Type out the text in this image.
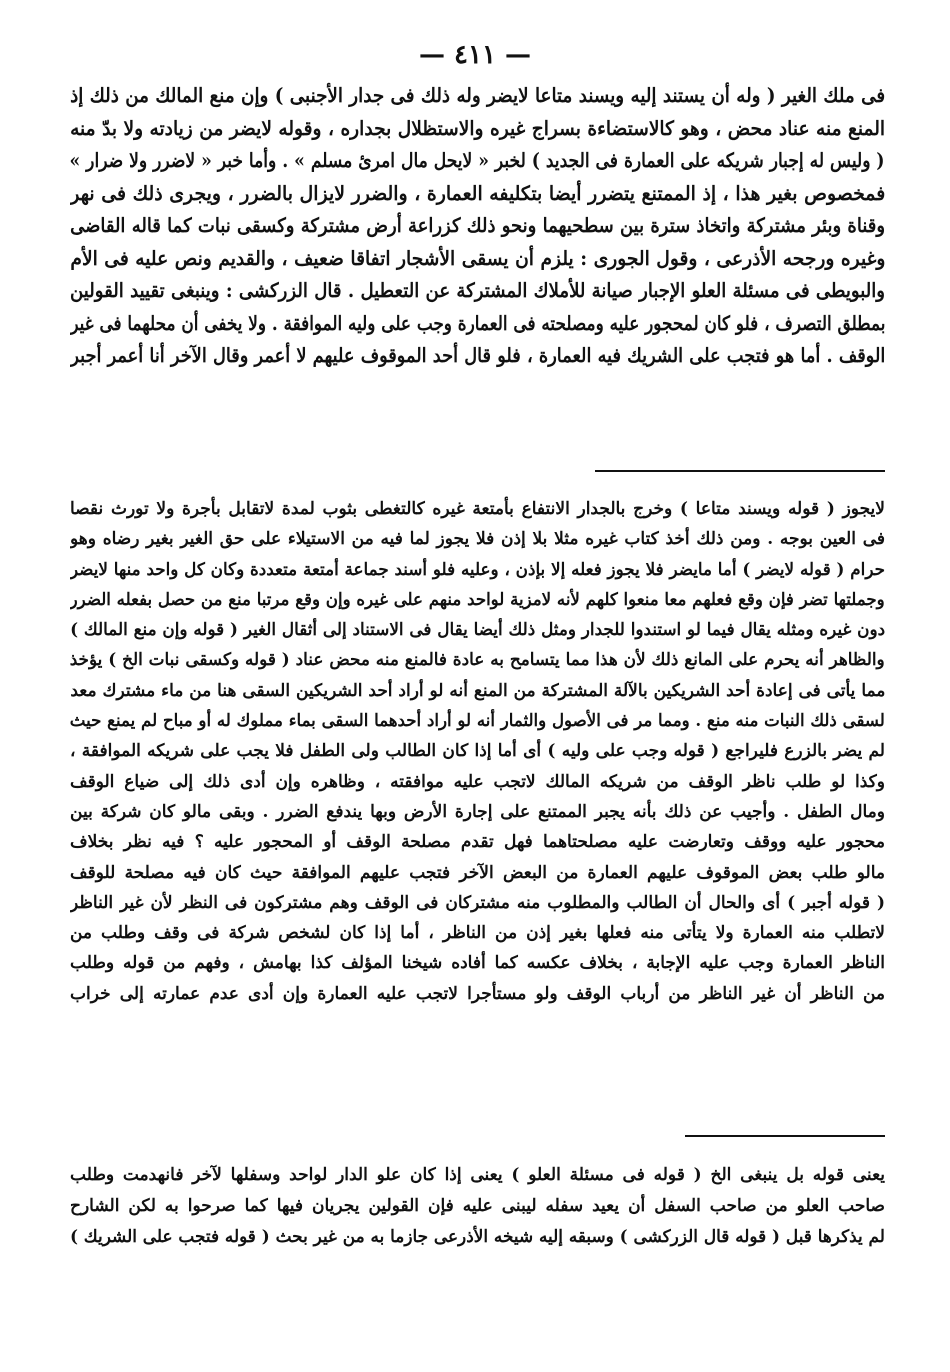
— ٤١١ —
فى ملك الغير ( وله أن يستند إليه ويسند متاعا لايضر وله ذلك فى جدار الأجنبى ) وإن منع المالك من ذلك إذ
المنع منه عناد محض ، وهو كالاستضاءة بسراج غيره والاستظلال بجداره ، وقوله لايضر من زيادته ولا بدّ منه
( وليس له إجبار شريكه على العمارة فى الجديد ) لخبر « لايحل مال امرئ مسلم » . وأما خبر « لاضرر ولا ضرار »
فمخصوص بغير هذا ، إذ الممتنع يتضرر أيضا بتكليفه العمارة ، والضرر لايزال بالضرر ، ويجرى ذلك فى نهر
وقناة وبئر مشتركة واتخاذ سترة بين سطحيهما ونحو ذلك كزراعة أرض مشتركة وكسقى نبات كما قاله القاضى
وغيره ورجحه الأذرعى ، وقول الجورى : يلزم أن يسقى الأشجار اتفاقا ضعيف ، والقديم ونص عليه فى الأم
والبويطى فى مسئلة العلو الإجبار صيانة للأملاك المشتركة عن التعطيل . قال الزركشى : وينبغى تقييد القولين
بمطلق التصرف ، فلو كان لمحجور عليه ومصلحته فى العمارة وجب على وليه الموافقة . ولا يخفى أن محلهما فى غير
الوقف . أما هو فتجب على الشريك فيه العمارة ، فلو قال أحد الموقوف عليهم لا أعمر وقال الآخر أنا أعمر أجبر
لايجوز ( قوله ويسند متاعا ) وخرج بالجدار الانتفاع بأمتعة غيره كالتغطى بثوب لمدة لاتقابل بأجرة ولا تورث نقصا
فى العين بوجه . ومن ذلك أخذ كتاب غيره مثلا بلا إذن فلا يجوز لما فيه من الاستيلاء على حق الغير بغير رضاه وهو
حرام ( قوله لايضر ) أما مايضر فلا يجوز فعله إلا بإذن ، وعليه فلو أسند جماعة أمتعة متعددة وكان كل واحد منها لايضر
وجملتها تضر فإن وقع فعلهم معا منعوا كلهم لأنه لامزية لواحد منهم على غيره وإن وقع مرتبا منع من حصل بفعله الضرر
دون غيره ومثله يقال فيما لو استندوا للجدار ومثل ذلك أيضا يقال فى الاستناد إلى أثقال الغير ( قوله وإن منع المالك )
والظاهر أنه يحرم على المانع ذلك لأن هذا مما يتسامح به عادة فالمنع منه محض عناد ( قوله وكسقى نبات الخ ) يؤخذ
مما يأتى فى إعادة أحد الشريكين بالآلة المشتركة من المنع أنه لو أراد أحد الشريكين السقى هنا من ماء مشترك معد
لسقى ذلك النبات منه منع . ومما مر فى الأصول والثمار أنه لو أراد أحدهما السقى بماء مملوك له أو مباح لم يمنع حيث
لم يضر بالزرع فليراجع ( قوله وجب على وليه ) أى أما إذا كان الطالب ولى الطفل فلا يجب على شريكه الموافقة ،
وكذا لو طلب ناظر الوقف من شريكه المالك لاتجب عليه موافقته ، وظاهره وإن أدى ذلك إلى ضياع الوقف
ومال الطفل . وأجيب عن ذلك بأنه يجبر الممتنع على إجارة الأرض وبها يندفع الضرر . وبقى مالو كان شركة بين
محجور عليه ووقف وتعارضت عليه مصلحتاهما فهل تقدم مصلحة الوقف أو المحجور عليه ؟ فيه نظر بخلاف
مالو طلب بعض الموقوف عليهم العمارة من البعض الآخر فتجب عليهم الموافقة حيث كان فيه مصلحة للوقف
( قوله أجبر ) أى والحال أن الطالب والمطلوب منه مشتركان فى الوقف وهم مشتركون فى النظر لأن غير الناظر
لاتطلب منه العمارة ولا يتأتى منه فعلها بغير إذن من الناظر ، أما إذا كان لشخص شركة فى وقف وطلب من
الناظر العمارة وجب عليه الإجابة ، بخلاف عكسه كما أفاده شيخنا المؤلف كذا بهامش ، وفهم من قوله وطلب
من الناظر أن غير الناظر من أرباب الوقف ولو مستأجرا لاتجب عليه العمارة وإن أدى عدم عمارته إلى خراب
يعنى قوله بل ينبغى الخ ( قوله فى مسئلة العلو ) يعنى إذا كان علو الدار لواحد وسفلها لآخر فانهدمت وطلب
صاحب العلو من صاحب السفل أن يعيد سفله ليبنى عليه فإن القولين يجريان فيها كما صرحوا به لكن الشارح
لم يذكرها قبل ( قوله قال الزركشى ) وسبقه إليه شيخه الأذرعى جازما به من غير بحث ( قوله فتجب على الشريك )
